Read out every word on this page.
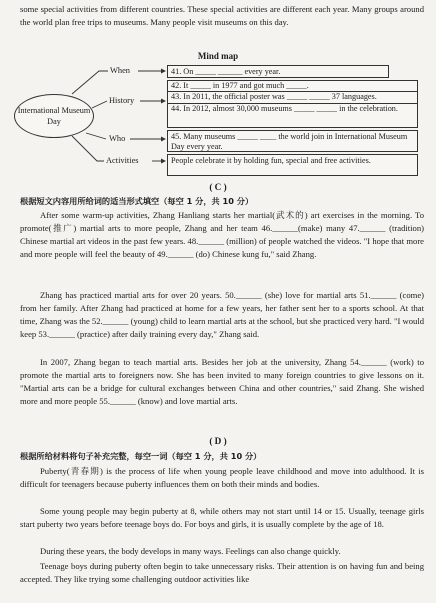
some special activities from different countries. These special activities are different each year. Many groups around the world plan free trips to museums. Many people visit museums on this day.

Mind map
International Museum Day
When
History
Who
Activities
41. On _____ ______ every year.
42. It _____ in 1977 and got much _____.
43. In 2011, the official poster was _____ _____ 37 languages.
44. In 2012, almost 30,000 museums _____ _____ in the celebration.
45. Many museums _____ ____ the world join in International Museum Day every year.
People celebrate it by holding fun, special and free activities.
( C )
根据短文内容用所给词的适当形式填空（每空 1 分，共 10 分）

After some warm-up activities, Zhang Hanliang starts her martial(武术的) art exercises in the morning. To promote(推广) martial arts to more people, Zhang and her team 46.______(make) many 47.______ (tradition) Chinese martial art videos in the past few years. 48.______ (million) of people watched the videos. "I hope that more and more people will feel the beauty of 49.______ (do) Chinese kung fu," said Zhang.

Zhang has practiced martial arts for over 20 years. 50.______ (she) love for martial arts 51.______ (come) from her family. After Zhang had practiced at home for a few years, her father sent her to a sports school. At that time, Zhang was the 52.______ (young) child to learn martial arts at the school, but she practiced very hard. "I would keep 53.______ (practice) after daily training every day," Zhang said.

In 2007, Zhang began to teach martial arts. Besides her job at the university, Zhang 54.______ (work) to promote the martial arts to foreigners now. She has been invited to many foreign countries to give lessons on it. "Martial arts can be a bridge for cultural exchanges between China and other countries," said Zhang. She wished more and more people 55.______ (know) and love martial arts.

( D )
根据所给材料将句子补充完整，每空一词（每空 1 分，共 10 分）

Puberty(青春期) is the process of life when young people leave childhood and move into adulthood. It is difficult for teenagers because puberty influences them on both their minds and bodies.

Some young people may begin puberty at 8, while others may not start until 14 or 15. Usually, teenage girls start puberty two years before teenage boys do. For boys and girls, it is usually complete by the age of 18.

During these years, the body develops in many ways. Feelings can also change quickly.

Teenage boys during puberty often begin to take unnecessary risks. Their attention is on having fun and being accepted. They like trying some challenging outdoor activities like
